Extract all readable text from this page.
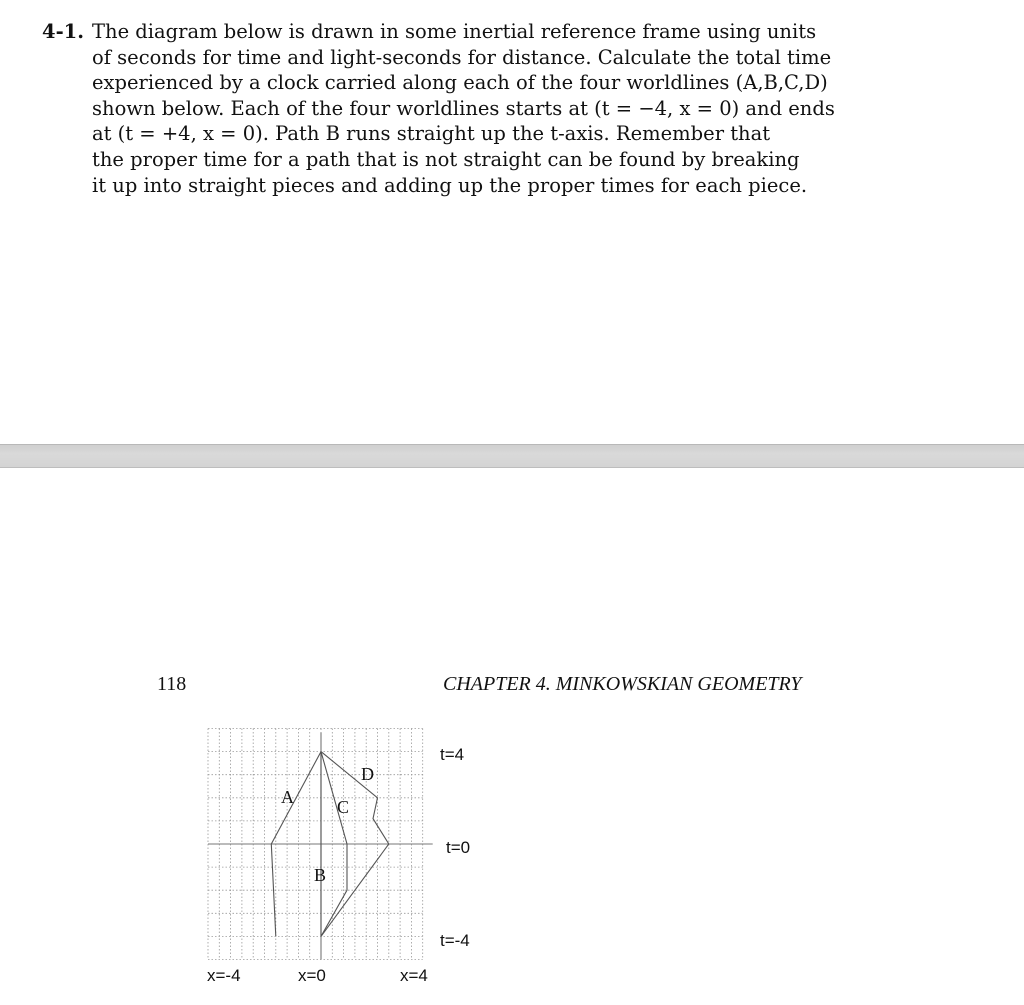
4-1. The diagram below is drawn in some inertial reference frame using units
of seconds for time and light-seconds for distance. Calculate the total time
experienced by a clock carried along each of the four worldlines (A,B,C,D)
shown below. Each of the four worldlines starts at (t = −4, x = 0) and ends
at (t = +4, x = 0). Path B runs straight up the t-axis. Remember that
the proper time for a path that is not straight can be found by breaking
it up into straight pieces and adding up the proper times for each piece.
118	CHAPTER 4. MINKOWSKIAN GEOMETRY
t=4
t=0
t=-4
x=-4	x=0	x=4
A
B
C
D
